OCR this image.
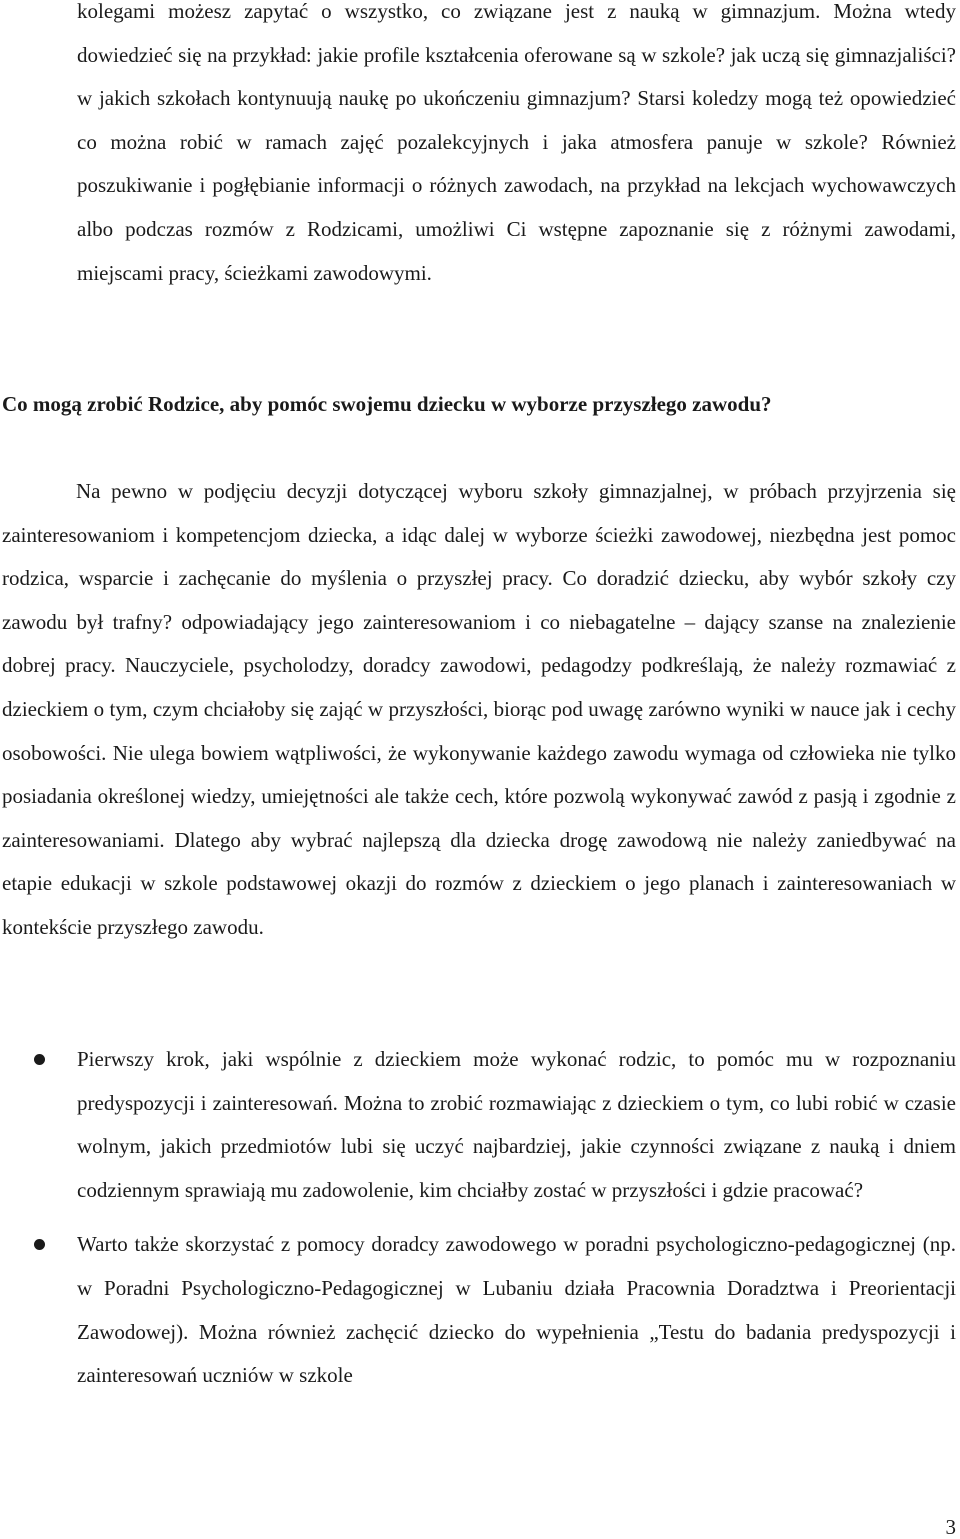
kolegami możesz zapytać o wszystko, co związane jest z nauką w gimnazjum. Można wtedy dowiedzieć się na przykład: jakie profile kształcenia oferowane są w szkole? jak uczą się gimnazjaliści? w jakich szkołach kontynuują naukę po ukończeniu gimnazjum? Starsi koledzy mogą też opowiedzieć co można robić w ramach zajęć pozalekcyjnych i jaka atmosfera panuje w szkole? Również poszukiwanie i pogłębianie informacji o różnych zawodach, na przykład na lekcjach wychowawczych albo podczas rozmów z Rodzicami, umożliwi Ci wstępne zapoznanie się z różnymi zawodami, miejscami pracy, ścieżkami zawodowymi.

Co mogą zrobić Rodzice, aby pomóc swojemu dziecku w wyborze przyszłego zawodu?

Na pewno w podjęciu decyzji dotyczącej wyboru szkoły gimnazjalnej, w próbach przyjrzenia się zainteresowaniom i kompetencjom dziecka, a idąc dalej w wyborze ścieżki zawodowej, niezbędna jest pomoc rodzica, wsparcie i zachęcanie do myślenia o przyszłej pracy. Co doradzić dziecku, aby wybór szkoły czy zawodu był trafny? odpowiadający jego zainteresowaniom i co niebagatelne – dający szanse na znalezienie dobrej pracy. Nauczyciele, psycholodzy, doradcy zawodowi, pedagodzy podkreślają, że należy rozmawiać z dzieckiem o tym, czym chciałoby się zająć w przyszłości, biorąc pod uwagę zarówno wyniki w nauce jak i cechy osobowości. Nie ulega bowiem wątpliwości, że wykonywanie każdego zawodu wymaga od człowieka nie tylko posiadania określonej wiedzy, umiejętności ale także cech, które pozwolą wykonywać zawód z pasją i zgodnie z zainteresowaniami. Dlatego aby wybrać najlepszą dla dziecka drogę zawodową nie należy zaniedbywać na etapie edukacji w szkole podstawowej okazji do rozmów z dzieckiem o jego planach i zainteresowaniach w kontekście przyszłego zawodu.

Pierwszy krok, jaki wspólnie z dzieckiem może wykonać rodzic, to pomóc mu w rozpoznaniu predyspozycji i zainteresowań. Można to zrobić rozmawiając z dzieckiem o tym, co lubi robić w czasie wolnym, jakich przedmiotów lubi się uczyć najbardziej, jakie czynności związane z nauką i dniem codziennym sprawiają mu zadowolenie, kim chciałby zostać w przyszłości i gdzie pracować?
Warto także skorzystać z pomocy doradcy zawodowego w poradni psychologiczno-pedagogicznej (np. w Poradni Psychologiczno-Pedagogicznej w Lubaniu działa Pracownia Doradztwa i Preorientacji Zawodowej). Można również zachęcić dziecko do wypełnienia „Testu do badania predyspozycji i zainteresowań uczniów w szkole
3
